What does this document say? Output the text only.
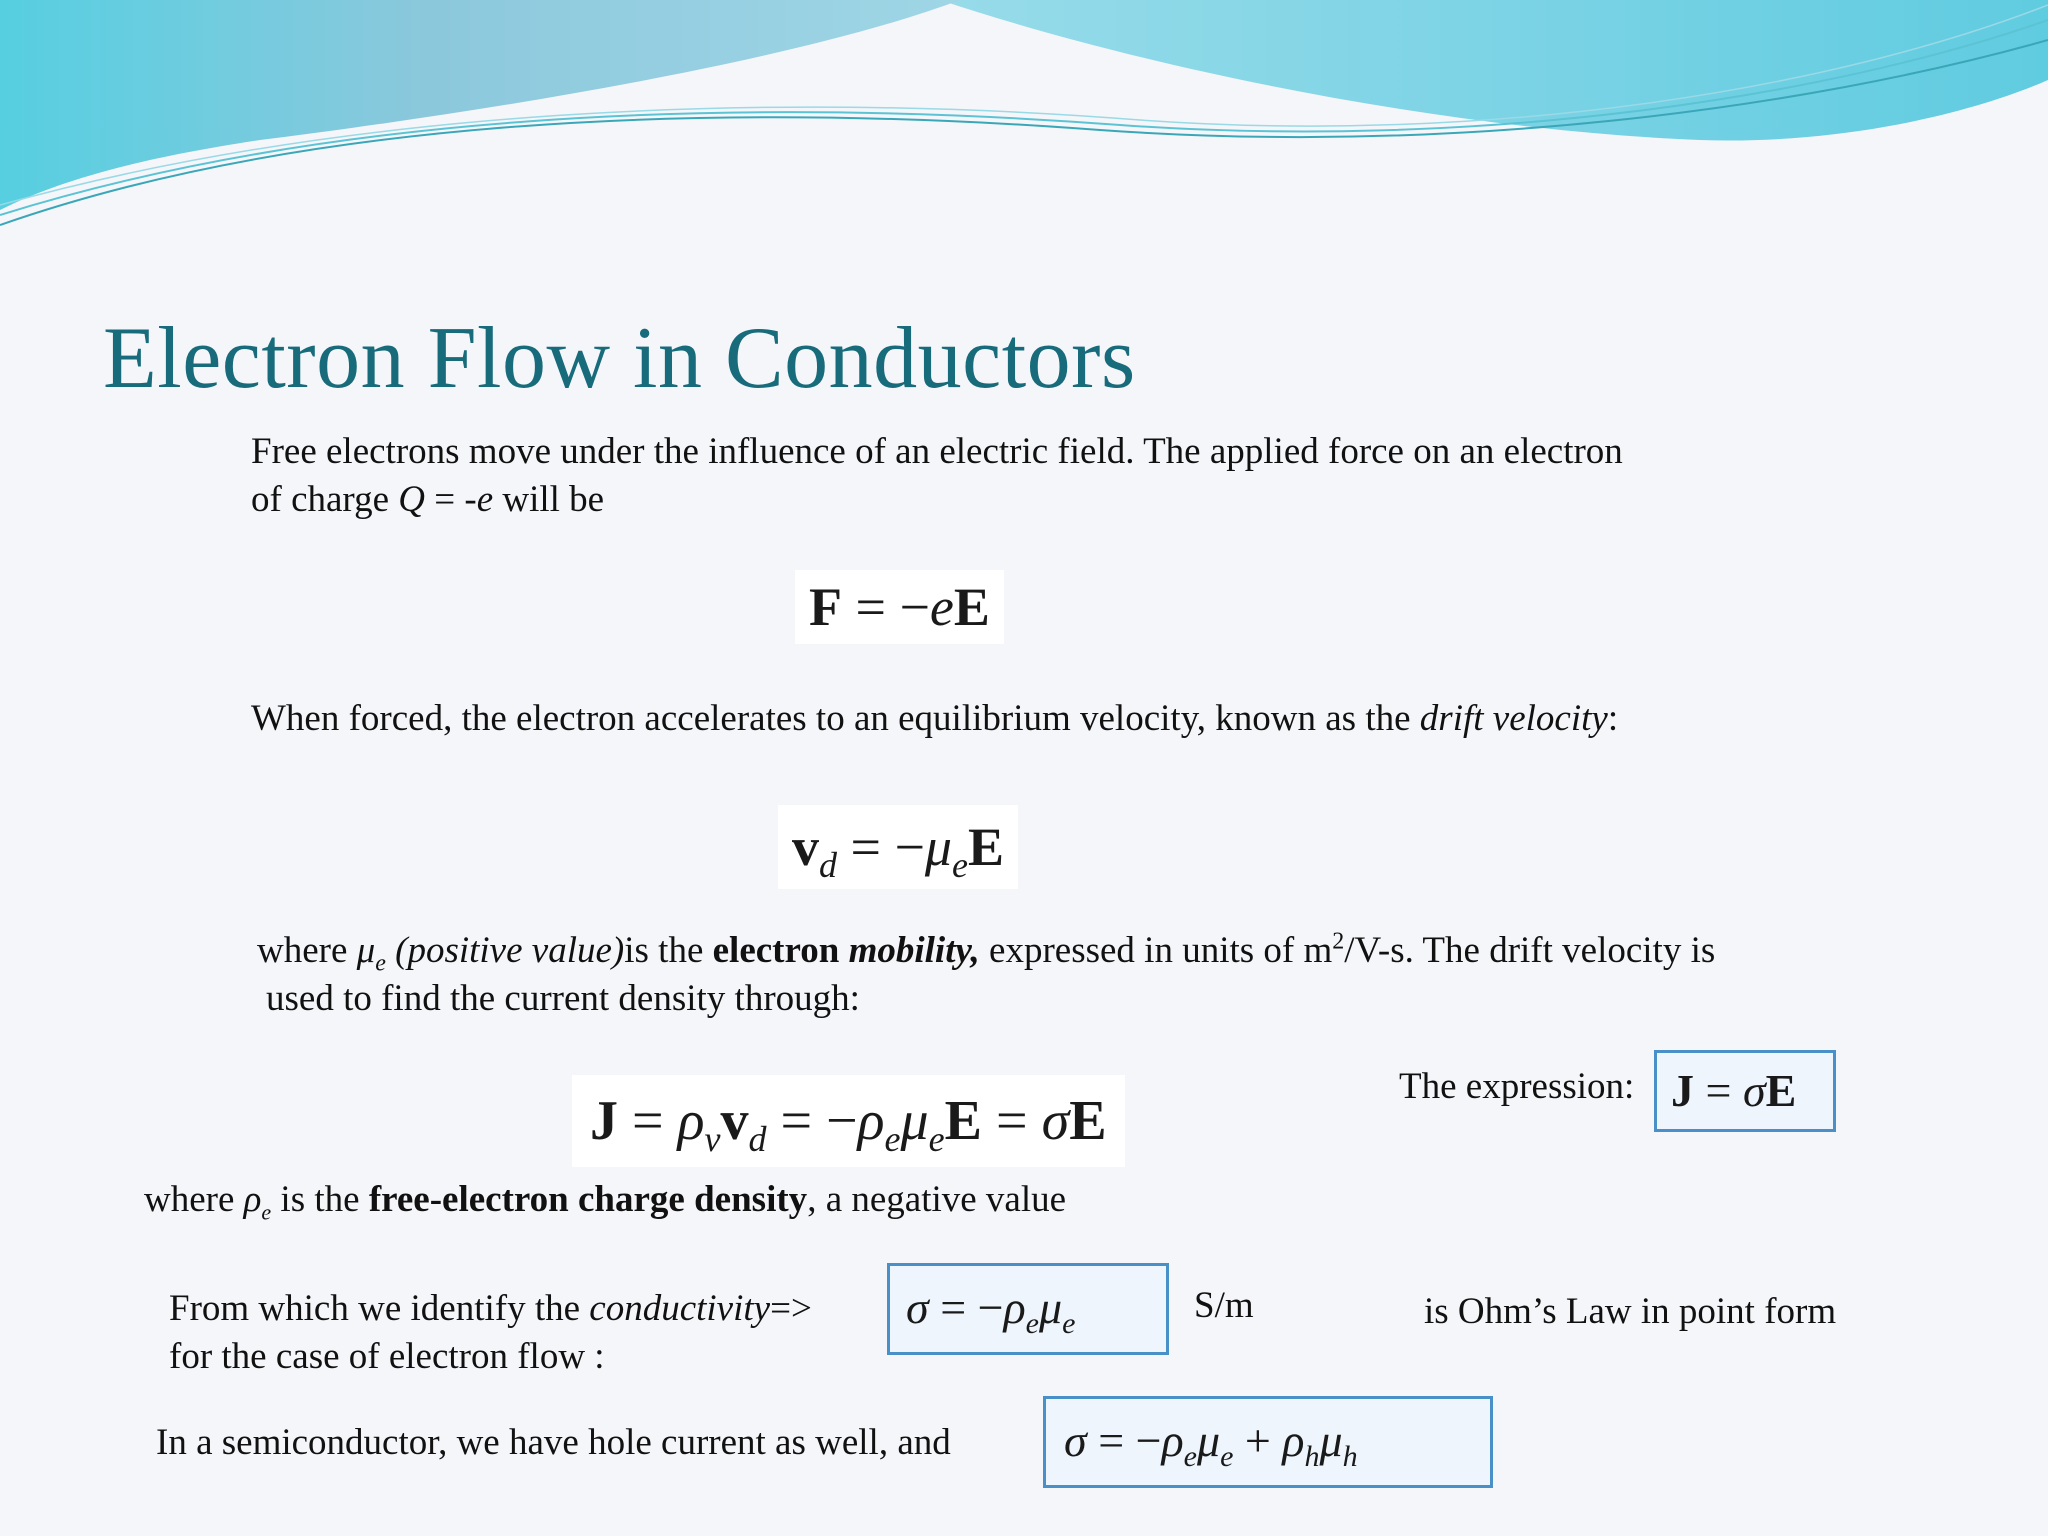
Electron Flow in Conductors
Free electrons move under the influence of an electric field. The applied force on an electron
of charge Q = -e will be
F = −eE
When forced, the electron accelerates to an equilibrium velocity, known as the drift velocity:
$v_d = -\mu_eE$
where $\mu_e$ (positive value)is the electron mobility, expressed in units of $m^2/V-s$. The drift velocity is
used to find the current density through:
$J = \rho_vv_d = -\rho_e\mu_eE = \sigma E$
The expression: J = σE
where $\rho_e$ is the free-electron charge density, a negative value
From which we identify the conductivity=>
for the case of electron flow :
$\sigma = -\rho_e\mu_e$	S/m	is Ohm’s Law in point form
In a semiconductor, we have hole current as well, and	$\sigma = -\rho_e\mu_e + \rho_h\mu_h$
